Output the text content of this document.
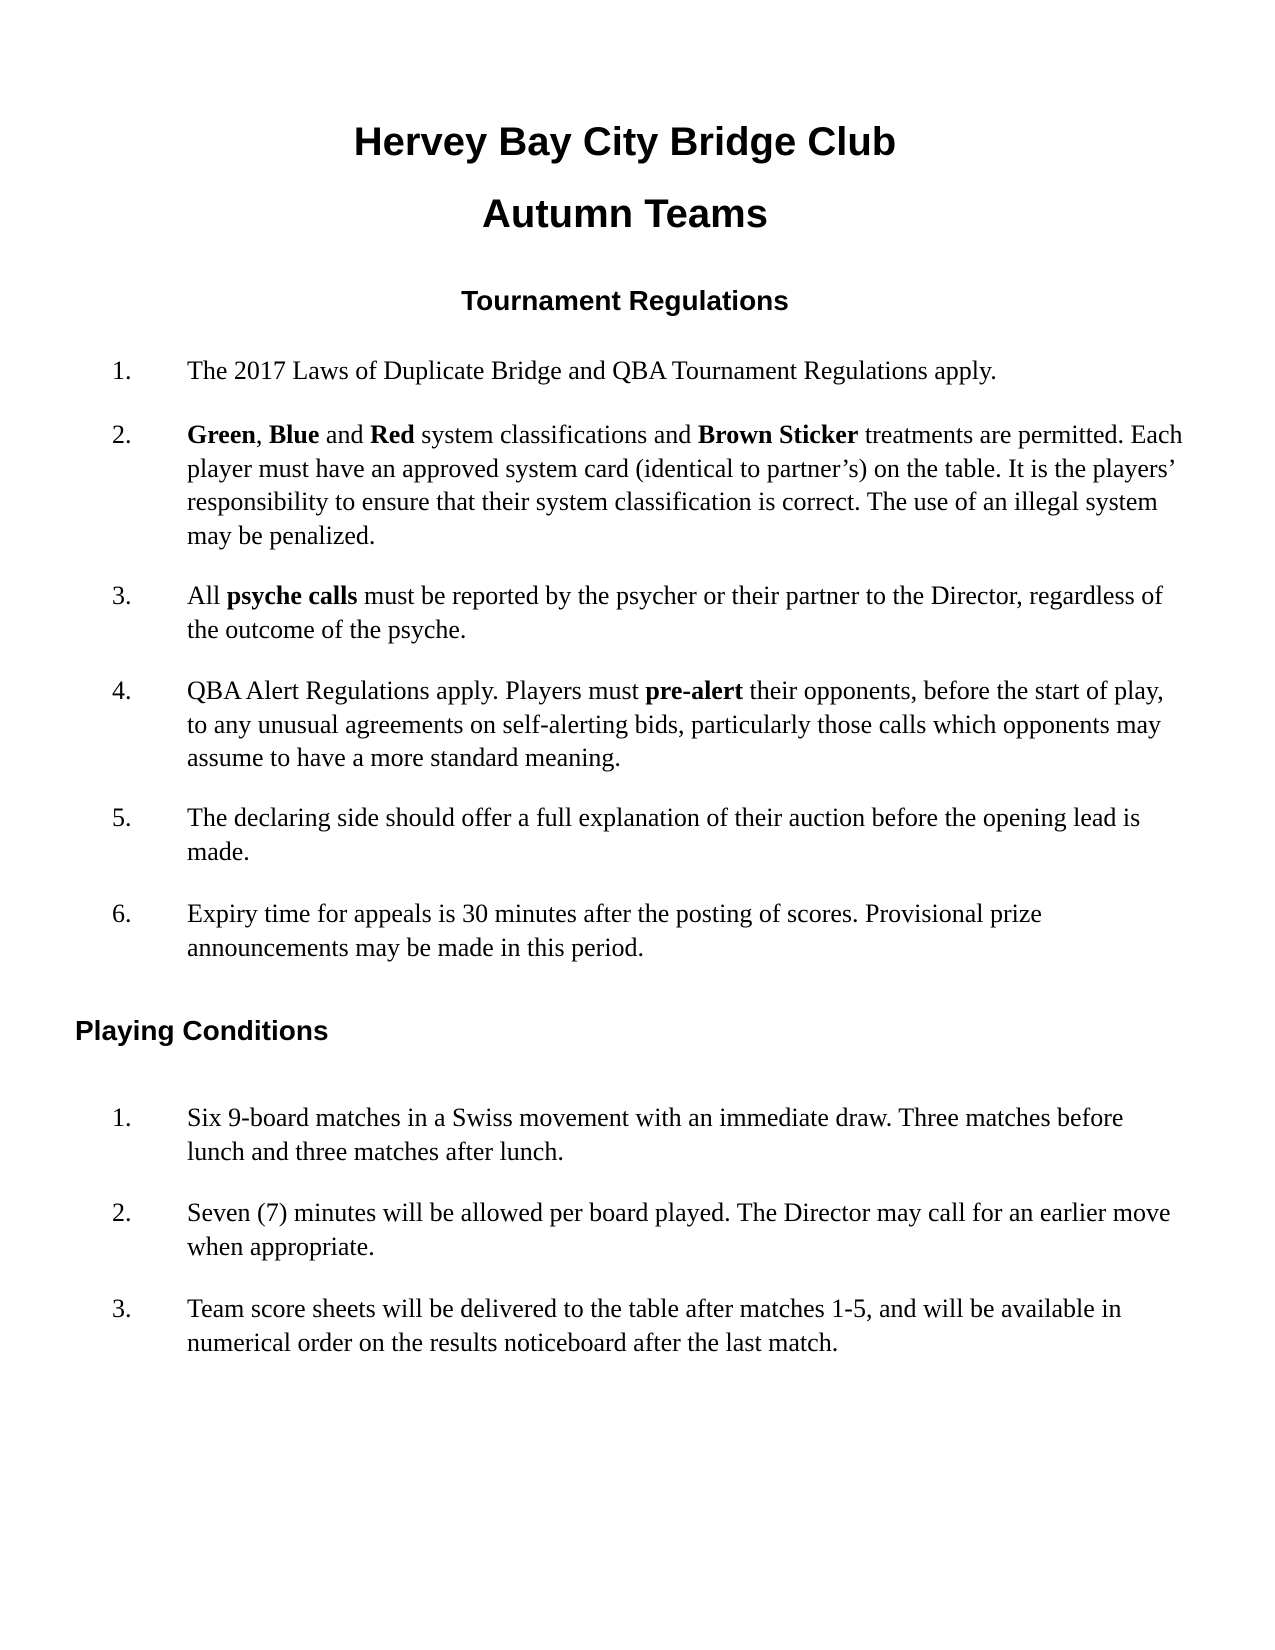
Hervey Bay City Bridge Club
Autumn Teams
Tournament Regulations
1. The 2017 Laws of Duplicate Bridge and QBA Tournament Regulations apply.
2. Green, Blue and Red system classifications and Brown Sticker treatments are permitted. Each player must have an approved system card (identical to partner’s) on the table. It is the players’ responsibility to ensure that their system classification is correct. The use of an illegal system may be penalized.
3. All psyche calls must be reported by the psycher or their partner to the Director, regardless of the outcome of the psyche.
4. QBA Alert Regulations apply. Players must pre-alert their opponents, before the start of play, to any unusual agreements on self-alerting bids, particularly those calls which opponents may assume to have a more standard meaning.
5. The declaring side should offer a full explanation of their auction before the opening lead is made.
6. Expiry time for appeals is 30 minutes after the posting of scores. Provisional prize announcements may be made in this period.
Playing Conditions
1. Six 9-board matches in a Swiss movement with an immediate draw. Three matches before lunch and three matches after lunch.
2. Seven (7) minutes will be allowed per board played. The Director may call for an earlier move when appropriate.
3. Team score sheets will be delivered to the table after matches 1-5, and will be available in numerical order on the results noticeboard after the last match.
